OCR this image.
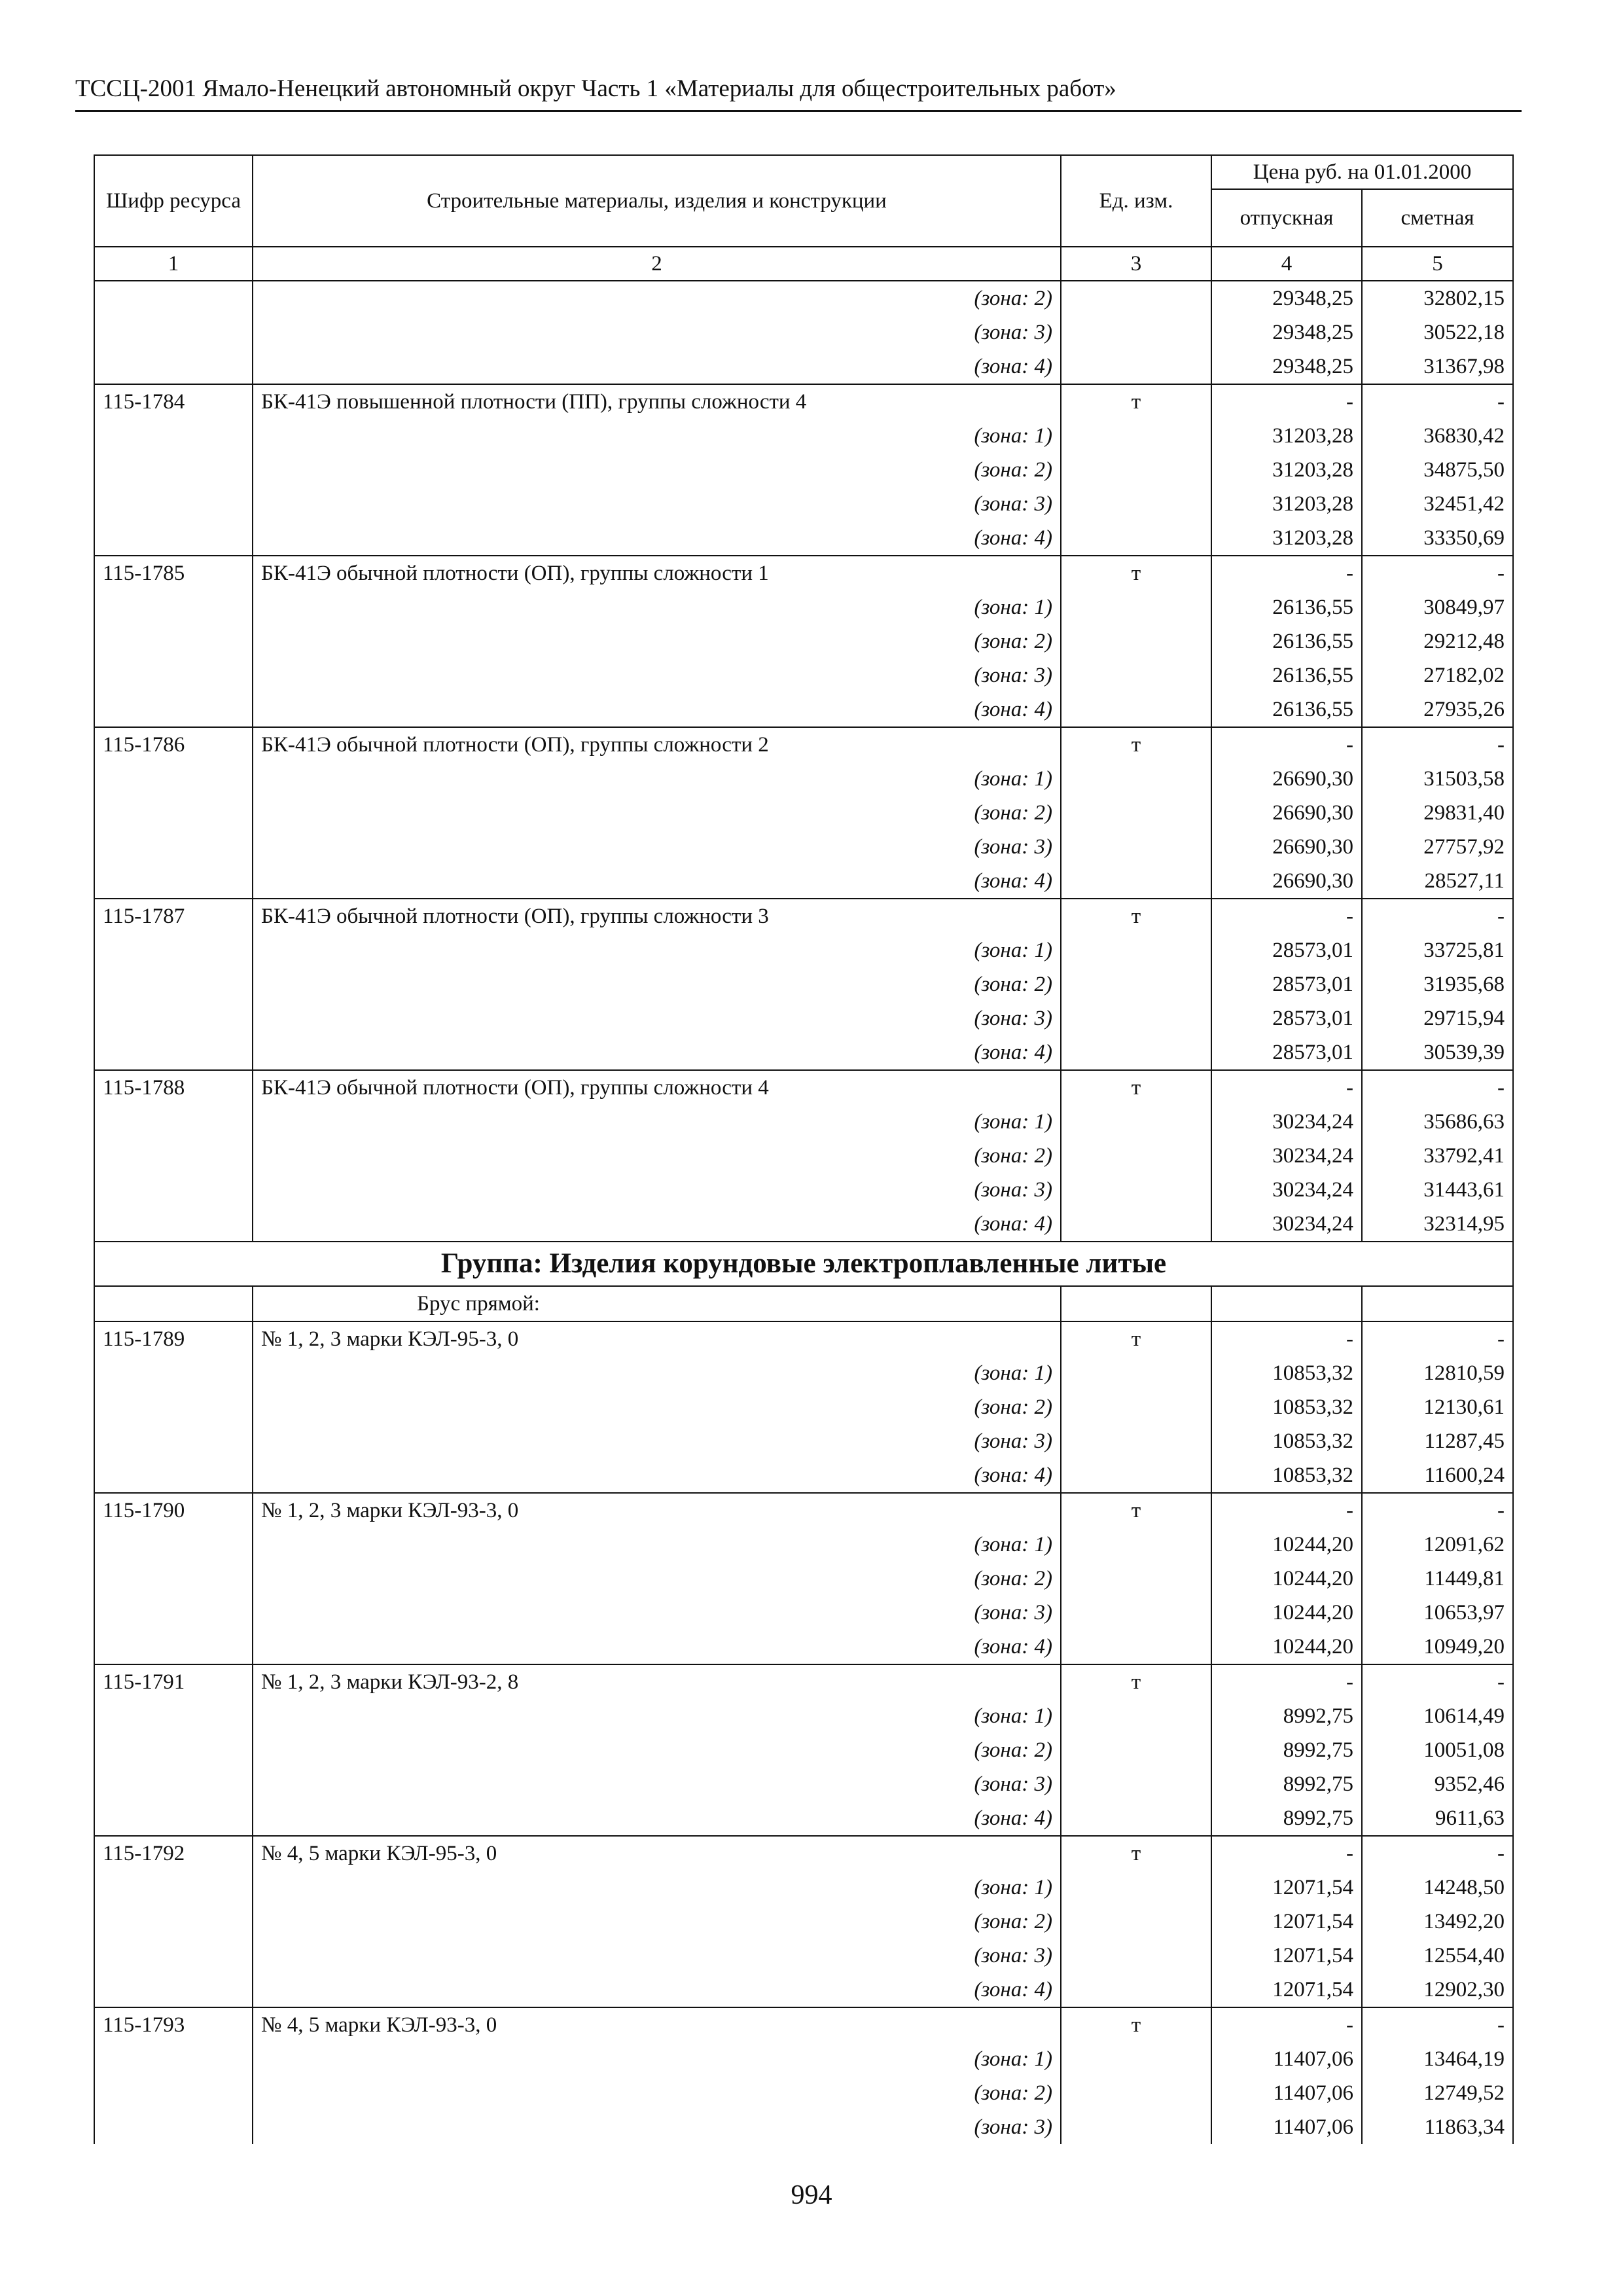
ТССЦ-2001 Ямало-Ненецкий автономный округ Часть 1 «Материалы для общестроительных работ»
Шифр ресурса	Строительные материалы, изделия и конструкции	Ед. изм.	Цена руб. на 01.01.2000	
			отпускная	сметная
1	2	3	4	5
	(зона: 2)		29348,25	32802,15
	(зона: 3)		29348,25	30522,18
	(зона: 4)		29348,25	31367,98
115-1784	БК-41Э повышенной плотности (ПП), группы сложности 4	т	-	-
	(зона: 1)		31203,28	36830,42
	(зона: 2)		31203,28	34875,50
	(зона: 3)		31203,28	32451,42
	(зона: 4)		31203,28	33350,69
115-1785	БК-41Э обычной плотности (ОП), группы сложности 1	т	-	-
	(зона: 1)		26136,55	30849,97
	(зона: 2)		26136,55	29212,48
	(зона: 3)		26136,55	27182,02
	(зона: 4)		26136,55	27935,26
115-1786	БК-41Э обычной плотности (ОП), группы сложности 2	т	-	-
	(зона: 1)		26690,30	31503,58
	(зона: 2)		26690,30	29831,40
	(зона: 3)		26690,30	27757,92
	(зона: 4)		26690,30	28527,11
115-1787	БК-41Э обычной плотности (ОП), группы сложности 3	т	-	-
	(зона: 1)		28573,01	33725,81
	(зона: 2)		28573,01	31935,68
	(зона: 3)		28573,01	29715,94
	(зона: 4)		28573,01	30539,39
115-1788	БК-41Э обычной плотности (ОП), группы сложности 4	т	-	-
	(зона: 1)		30234,24	35686,63
	(зона: 2)		30234,24	33792,41
	(зона: 3)		30234,24	31443,61
	(зона: 4)		30234,24	32314,95
Группа: Изделия корундовые электроплавленные литые				
	Брус прямой:			
115-1789	№ 1, 2, 3 марки КЭЛ-95-3, 0	т	-	-
	(зона: 1)		10853,32	12810,59
	(зона: 2)		10853,32	12130,61
	(зона: 3)		10853,32	11287,45
	(зона: 4)		10853,32	11600,24
115-1790	№ 1, 2, 3 марки КЭЛ-93-3, 0	т	-	-
	(зона: 1)		10244,20	12091,62
	(зона: 2)		10244,20	11449,81
	(зона: 3)		10244,20	10653,97
	(зона: 4)		10244,20	10949,20
115-1791	№ 1, 2, 3 марки КЭЛ-93-2, 8	т	-	-
	(зона: 1)		8992,75	10614,49
	(зона: 2)		8992,75	10051,08
	(зона: 3)		8992,75	9352,46
	(зона: 4)		8992,75	9611,63
115-1792	№ 4, 5 марки КЭЛ-95-3, 0	т	-	-
	(зона: 1)		12071,54	14248,50
	(зона: 2)		12071,54	13492,20
	(зона: 3)		12071,54	12554,40
	(зона: 4)		12071,54	12902,30
115-1793	№ 4, 5 марки КЭЛ-93-3, 0	т	-	-
	(зона: 1)		11407,06	13464,19
	(зона: 2)		11407,06	12749,52
	(зона: 3)		11407,06	11863,34
994
